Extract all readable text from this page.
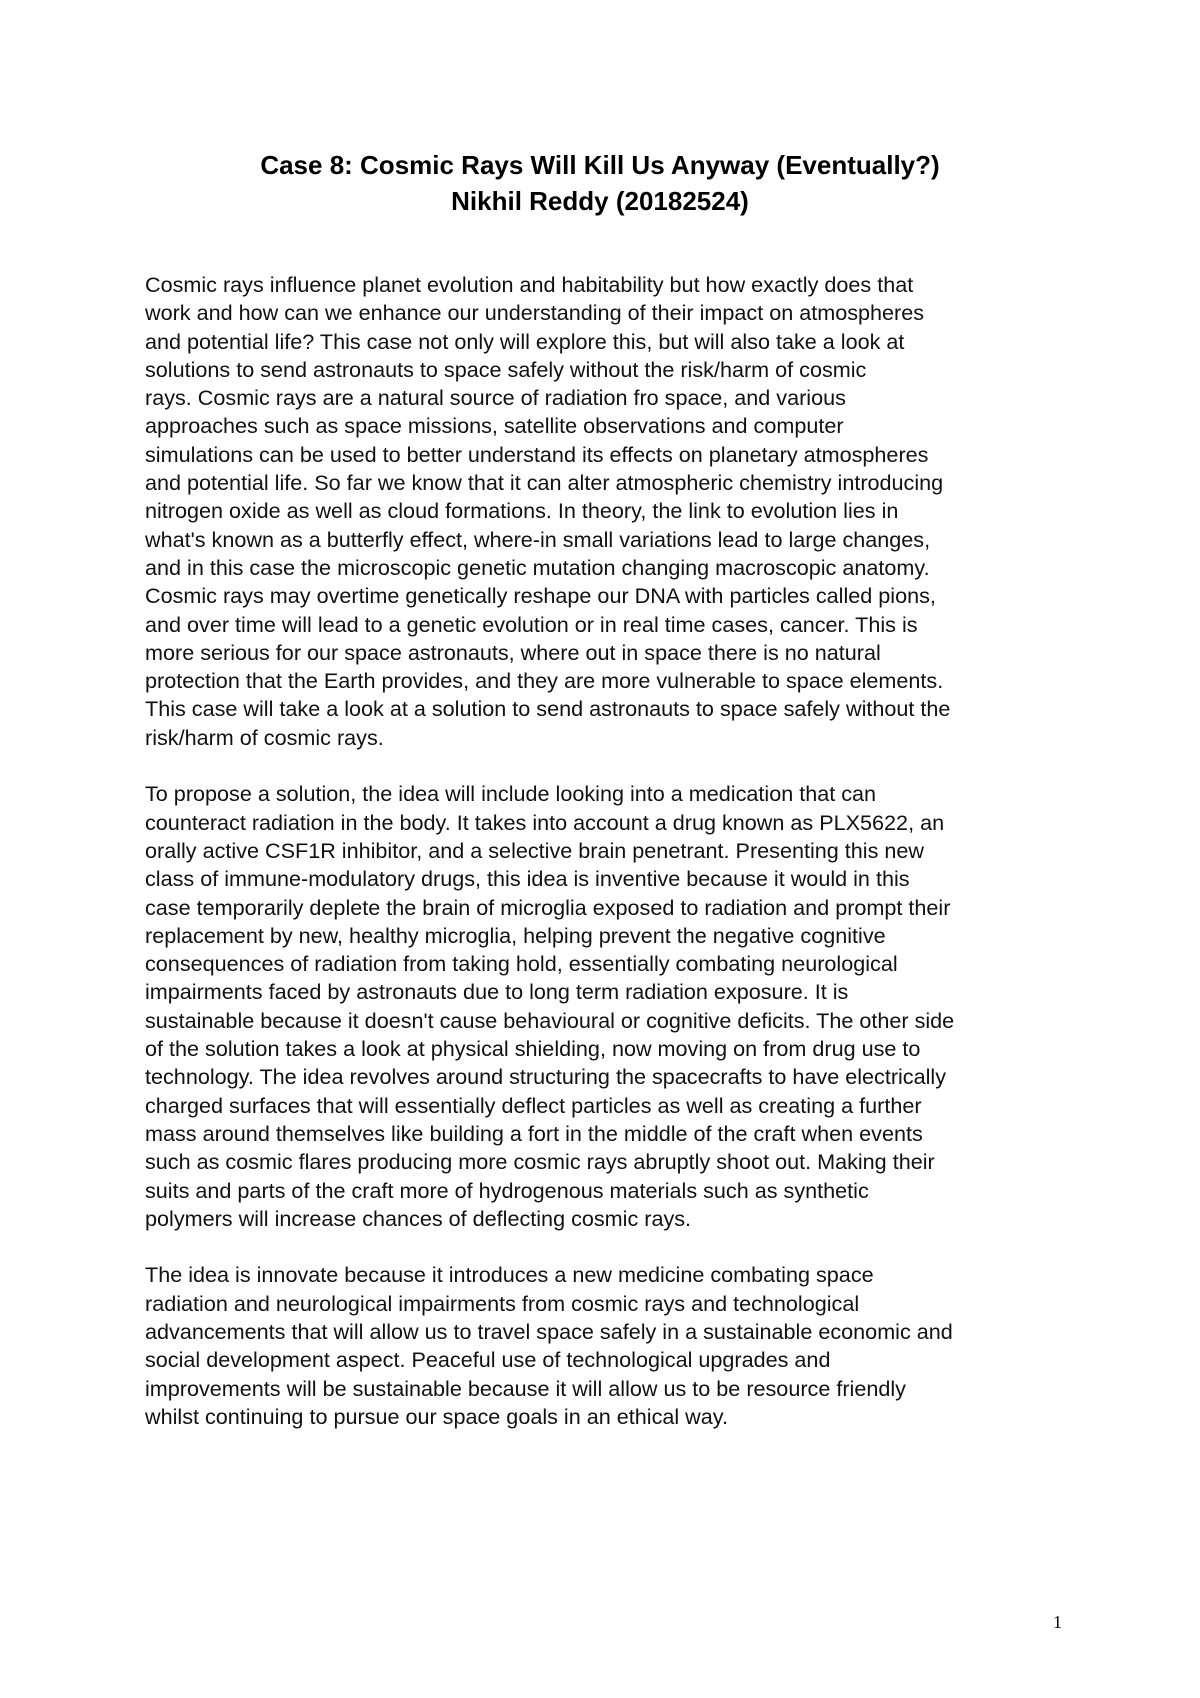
Case 8: Cosmic Rays Will Kill Us Anyway (Eventually?)
Nikhil Reddy (20182524)
Cosmic rays influence planet evolution and habitability but how exactly does that
work and how can we enhance our understanding of their impact on atmospheres
and potential life? This case not only will explore this, but will also take a look at
solutions to send astronauts to space safely without the risk/harm of cosmic
rays. Cosmic rays are a natural source of radiation fro space, and various
approaches such as space missions, satellite observations and computer
simulations can be used to better understand its effects on planetary atmospheres
and potential life. So far we know that it can alter atmospheric chemistry introducing
nitrogen oxide as well as cloud formations. In theory, the link to evolution lies in
what's known as a butterfly effect, where-in small variations lead to large changes,
and in this case the microscopic genetic mutation changing macroscopic anatomy.
Cosmic rays may overtime genetically reshape our DNA with particles called pions,
and over time will lead to a genetic evolution or in real time cases, cancer. This is
more serious for our space astronauts, where out in space there is no natural
protection that the Earth provides, and they are more vulnerable to space elements.
This case will take a look at a solution to send astronauts to space safely without the
risk/harm of cosmic rays.
To propose a solution, the idea will include looking into a medication that can
counteract radiation in the body. It takes into account a drug known as PLX5622, an
orally active CSF1R inhibitor, and a selective brain penetrant. Presenting this new
class of immune-modulatory drugs, this idea is inventive because it would in this
case temporarily deplete the brain of microglia exposed to radiation and prompt their
replacement by new, healthy microglia, helping prevent the negative cognitive
consequences of radiation from taking hold, essentially combating neurological
impairments faced by astronauts due to long term radiation exposure. It is
sustainable because it doesn't cause behavioural or cognitive deficits. The other side
of the solution takes a look at physical shielding, now moving on from drug use to
technology. The idea revolves around structuring the spacecrafts to have electrically
charged surfaces that will essentially deflect particles as well as creating a further
mass around themselves like building a fort in the middle of the craft when events
such as cosmic flares producing more cosmic rays abruptly shoot out. Making their
suits and parts of the craft more of hydrogenous materials such as synthetic
polymers will increase chances of deflecting cosmic rays.
The idea is innovate because it introduces a new medicine combating space
radiation and neurological impairments from cosmic rays and technological
advancements that will allow us to travel space safely in a sustainable economic and
social development aspect. Peaceful use of technological upgrades and
improvements will be sustainable because it will allow us to be resource friendly
whilst continuing to pursue our space goals in an ethical way.
1
